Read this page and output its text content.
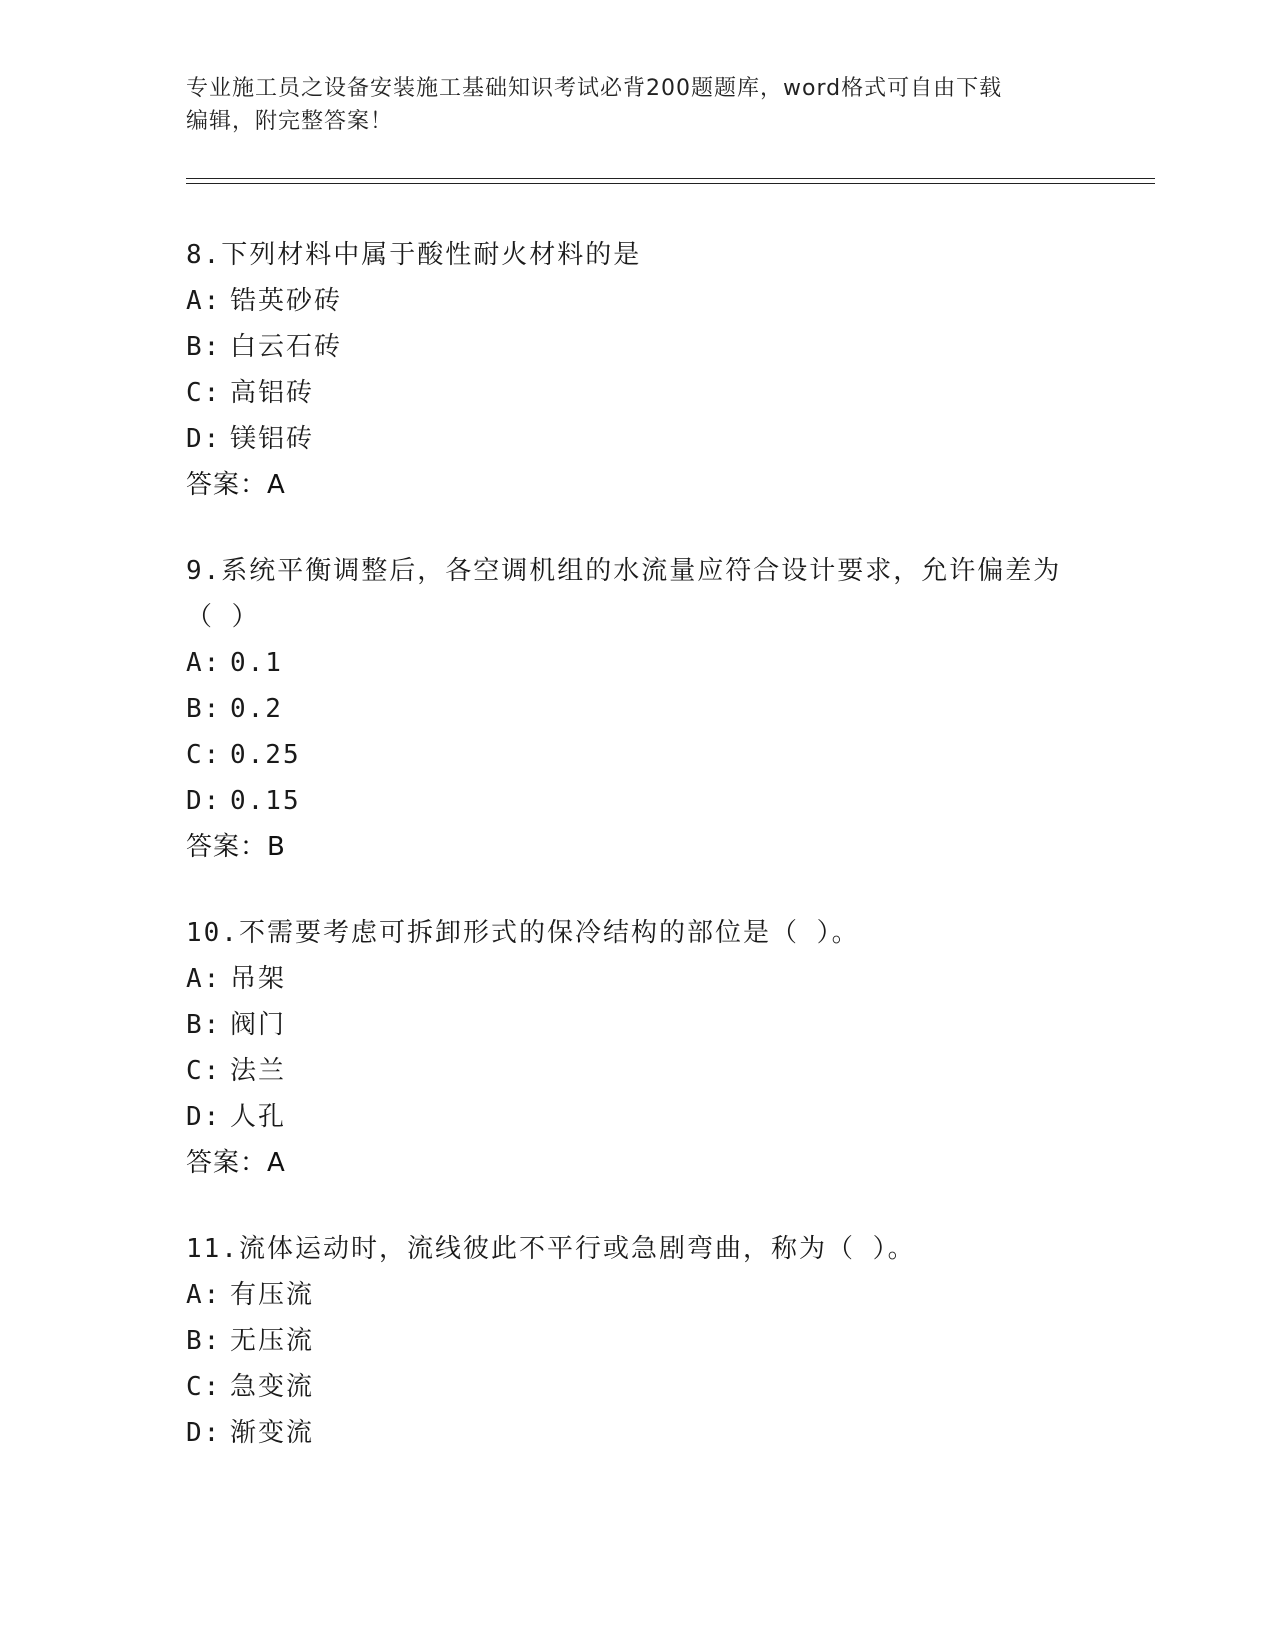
专业施工员之设备安装施工基础知识考试必背200题题库，word格式可自由下载
编辑，附完整答案！

8.下列材料中属于酸性耐火材料的是

A: 锆英砂砖
B: 白云石砖
C: 高铝砖
D: 镁铝砖
答案：A

9.系统平衡调整后，各空调机组的水流量应符合设计要求，允许偏差为（ ）

A: 0.1
B: 0.2
C: 0.25
D: 0.15
答案：B

10.不需要考虑可拆卸形式的保冷结构的部位是（ ）。

A: 吊架
B: 阀门
C: 法兰
D: 人孔
答案：A

11.流体运动时，流线彼此不平行或急剧弯曲，称为（ ）。

A: 有压流
B: 无压流
C: 急变流
D: 渐变流
